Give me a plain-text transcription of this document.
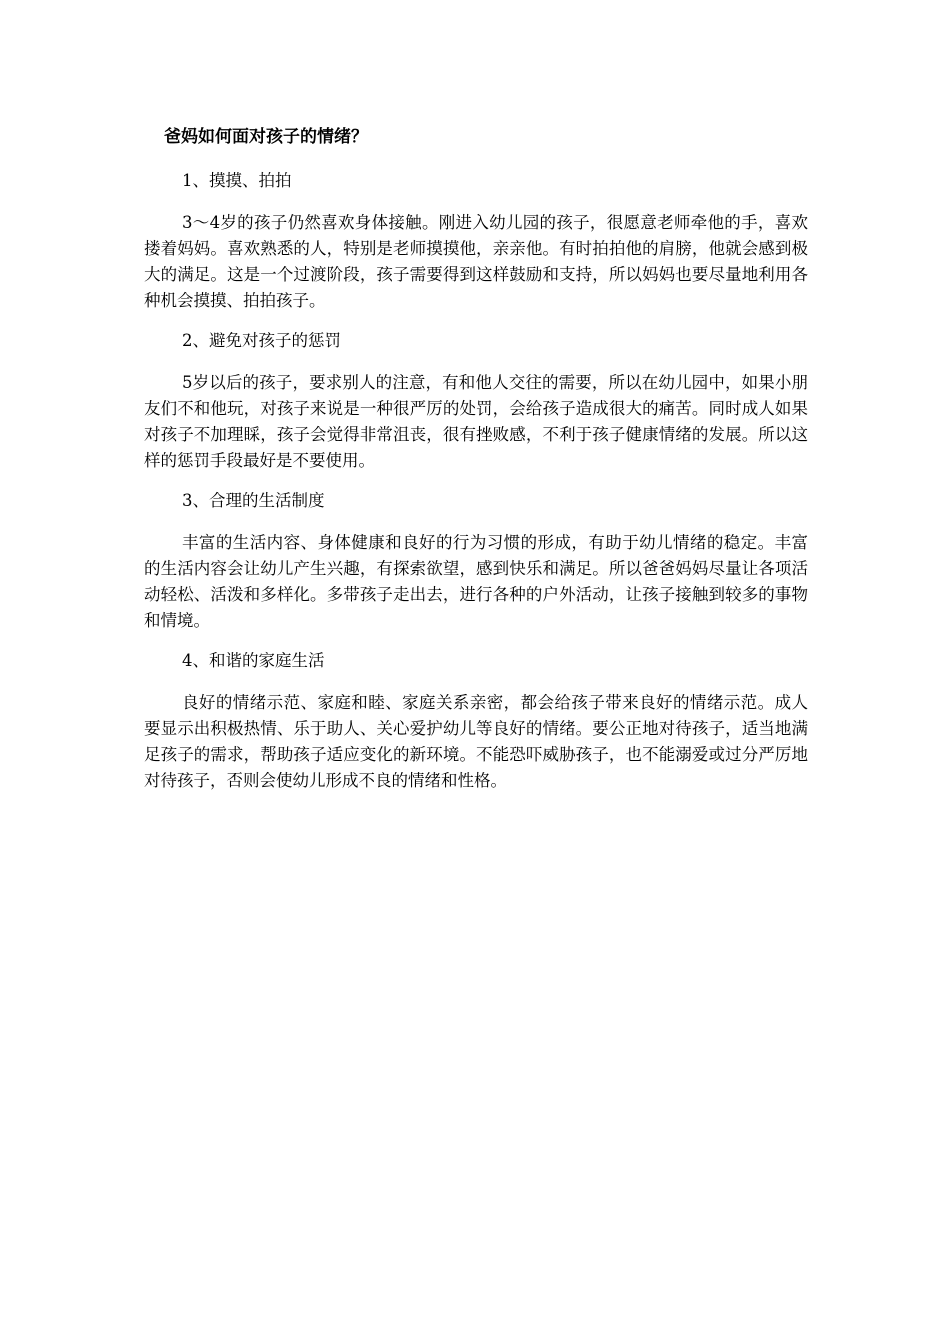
爸妈如何面对孩子的情绪？

1、摸摸、拍拍

3～4岁的孩子仍然喜欢身体接触。刚进入幼儿园的孩子，很愿意老师牵他的手，喜欢搂着妈妈。喜欢熟悉的人，特别是老师摸摸他，亲亲他。有时拍拍他的肩膀，他就会感到极大的满足。这是一个过渡阶段，孩子需要得到这样鼓励和支持，所以妈妈也要尽量地利用各种机会摸摸、拍拍孩子。

2、避免对孩子的惩罚

5岁以后的孩子，要求别人的注意，有和他人交往的需要，所以在幼儿园中，如果小朋友们不和他玩，对孩子来说是一种很严厉的处罚，会给孩子造成很大的痛苦。同时成人如果对孩子不加理睬，孩子会觉得非常沮丧，很有挫败感，不利于孩子健康情绪的发展。所以这样的惩罚手段最好是不要使用。

3、合理的生活制度

丰富的生活内容、身体健康和良好的行为习惯的形成，有助于幼儿情绪的稳定。丰富的生活内容会让幼儿产生兴趣，有探索欲望，感到快乐和满足。所以爸爸妈妈尽量让各项活动轻松、活泼和多样化。多带孩子走出去，进行各种的户外活动，让孩子接触到较多的事物和情境。

4、和谐的家庭生活

良好的情绪示范、家庭和睦、家庭关系亲密，都会给孩子带来良好的情绪示范。成人要显示出积极热情、乐于助人、关心爱护幼儿等良好的情绪。要公正地对待孩子，适当地满足孩子的需求，帮助孩子适应变化的新环境。不能恐吓威胁孩子，也不能溺爱或过分严厉地对待孩子，否则会使幼儿形成不良的情绪和性格。
